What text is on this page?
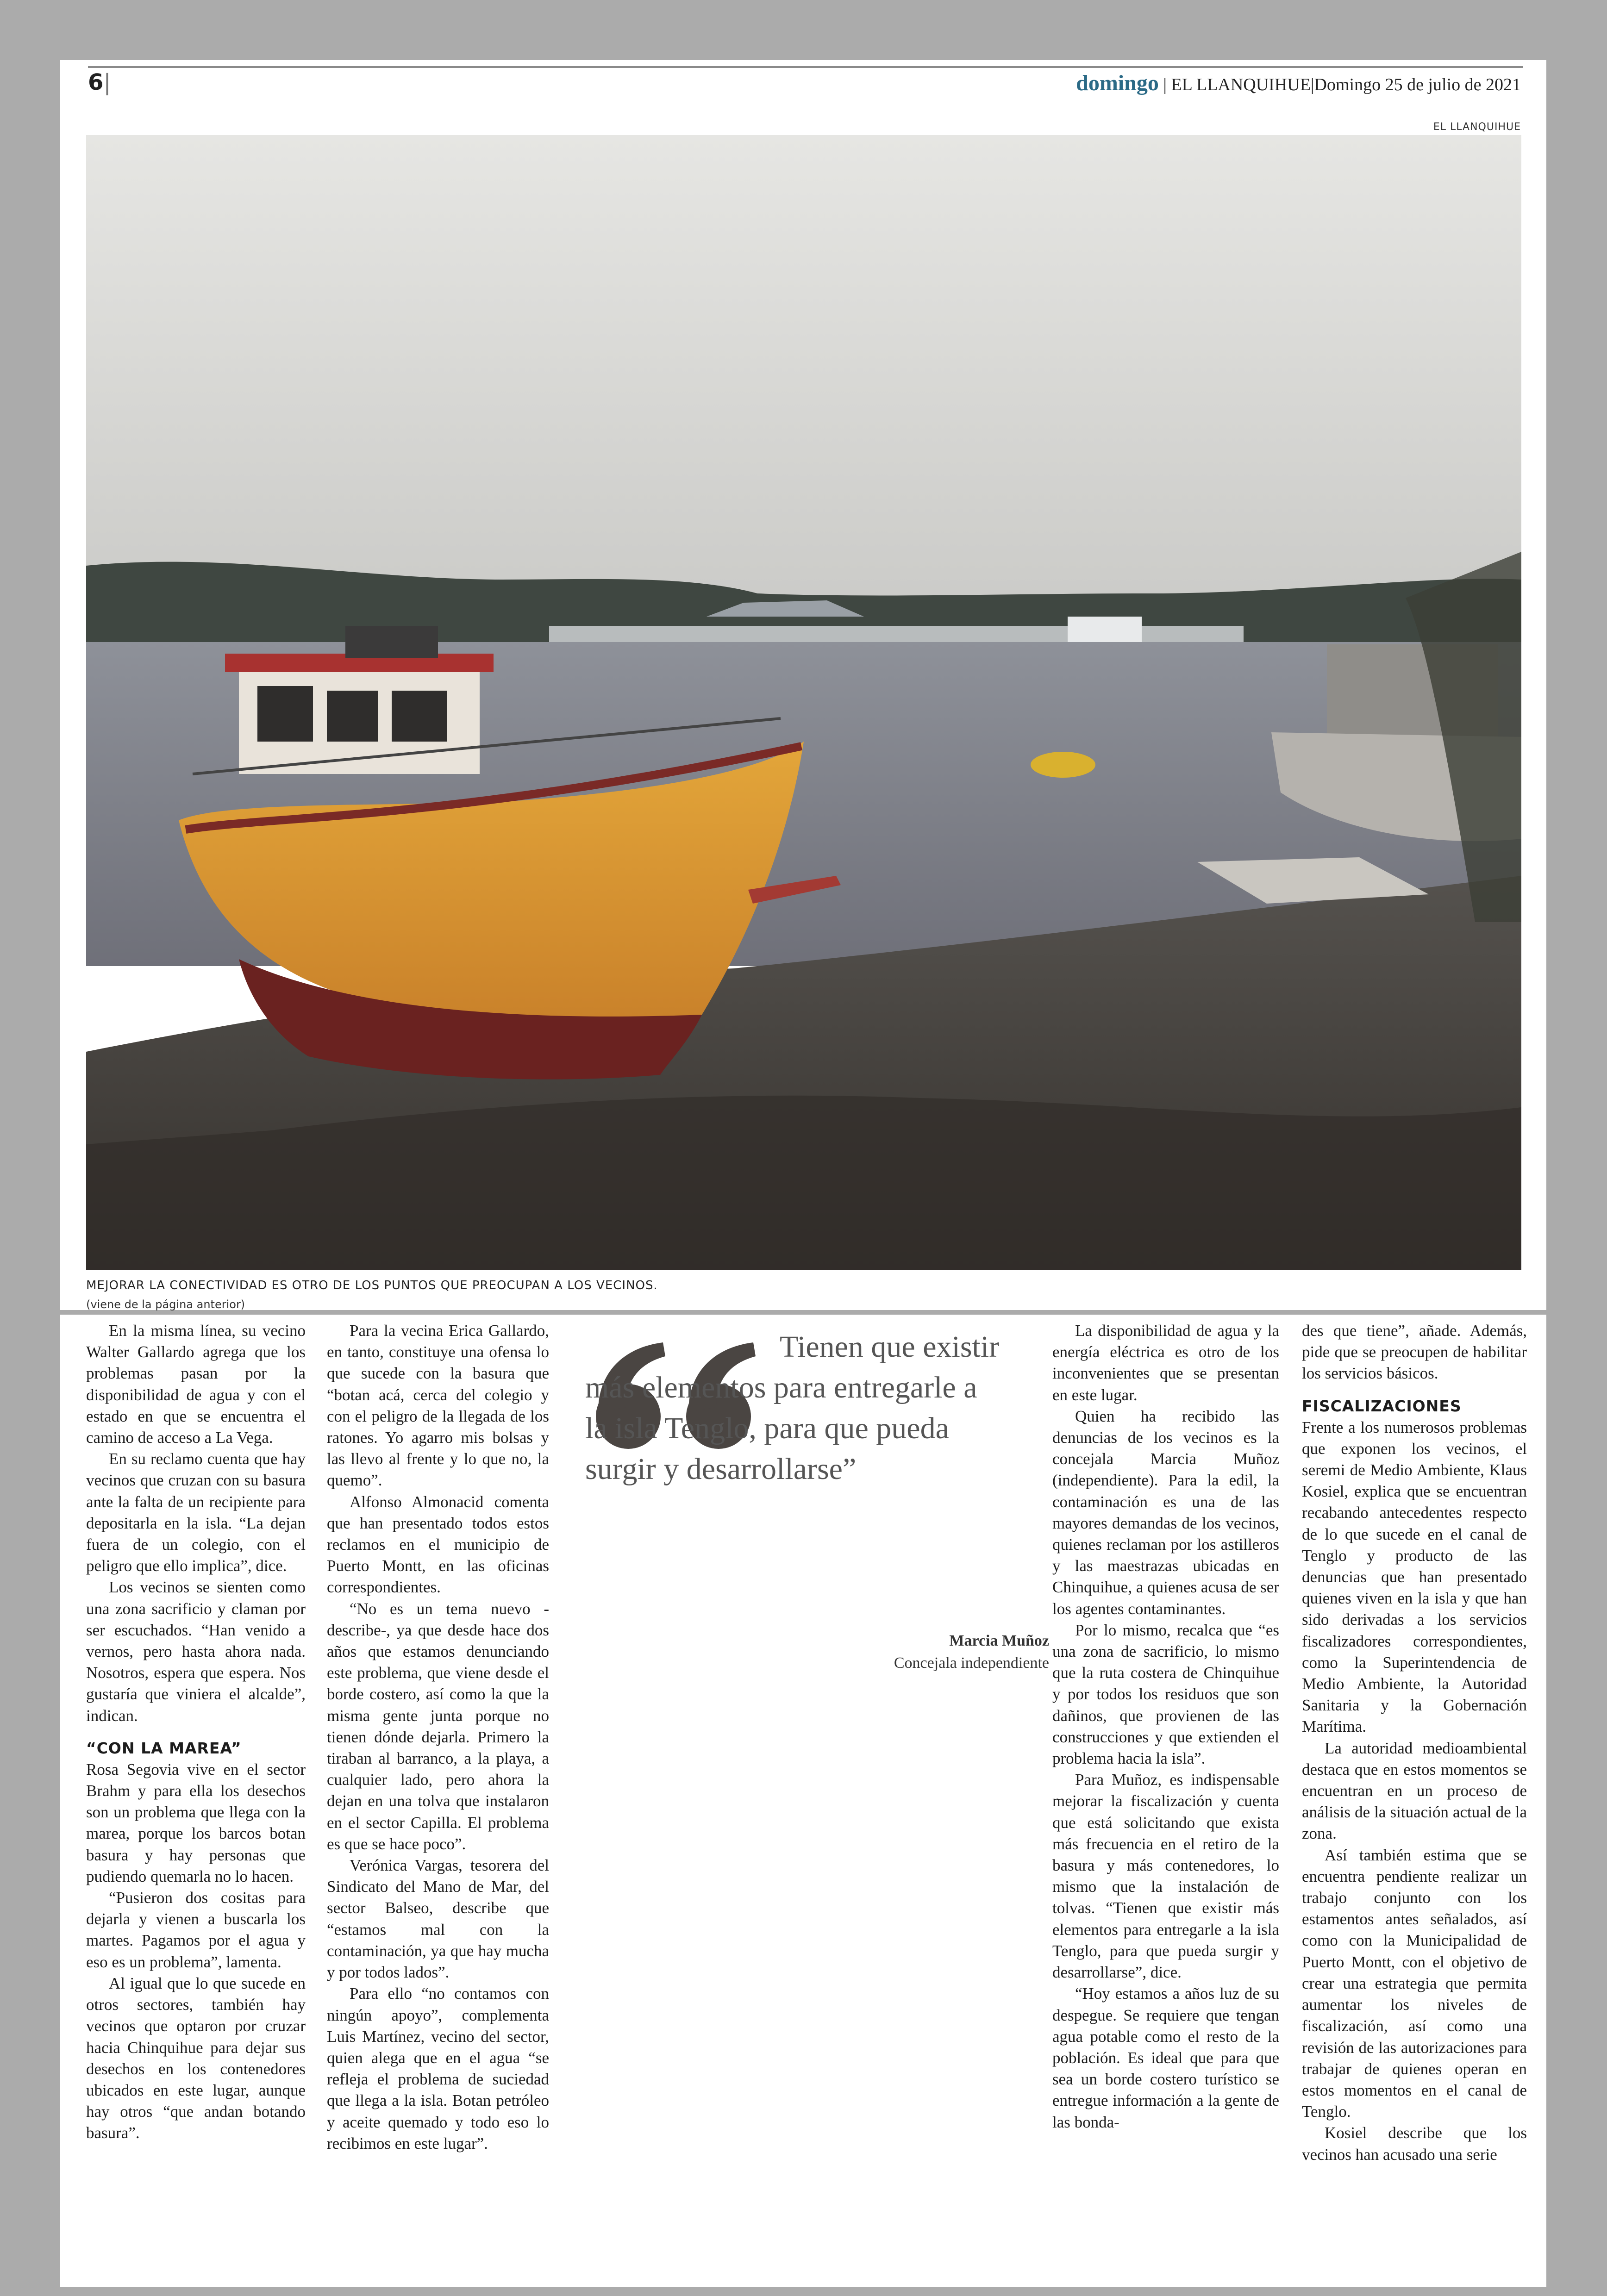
6|	domingo | EL LLANQUIHUE|Domingo 25 de julio de 2021
EL LLANQUIHUE
MEJORAR LA CONECTIVIDAD ES OTRO DE LOS PUNTOS QUE PREOCUPAN A LOS VECINOS.
(viene de la página anterior)

En la misma línea, su vecino Walter Gallardo agrega que los problemas pasan por la disponibilidad de agua y con el estado en que se encuentra el camino de acceso a La Vega.

En su reclamo cuenta que hay vecinos que cruzan con su basura ante la falta de un recipiente para depositarla en la isla. “La dejan fuera de un colegio, con el peligro que ello implica”, dice.

Los vecinos se sienten como una zona sacrificio y claman por ser escuchados. “Han venido a vernos, pero hasta ahora nada. Nosotros, espera que espera. Nos gustaría que viniera el alcalde”, indican.

“CON LA MAREA”

Rosa Segovia vive en el sector Brahm y para ella los desechos son un problema que llega con la marea, porque los barcos botan basura y hay personas que pudiendo quemarla no lo hacen.

“Pusieron dos cositas para dejarla y vienen a buscarla los martes. Pagamos por el agua y eso es un problema”, lamenta.

Al igual que lo que sucede en otros sectores, también hay vecinos que optaron por cruzar hacia Chinquihue para dejar sus desechos en los contenedores ubicados en este lugar, aunque hay otros “que andan botando basura”.

Para la vecina Erica Gallardo, en tanto, constituye una ofensa lo que sucede con la basura que “botan acá, cerca del colegio y con el peligro de la llegada de los ratones. Yo agarro mis bolsas y las llevo al frente y lo que no, la quemo”.

Alfonso Almonacid comenta que han presentado todos estos reclamos en el municipio de Puerto Montt, en las oficinas correspondientes.

“No es un tema nuevo -describe-, ya que desde hace dos años que estamos denunciando este problema, que viene desde el borde costero, así como la que la misma gente junta porque no tienen dónde dejarla. Primero la tiraban al barranco, a la playa, a cualquier lado, pero ahora la dejan en una tolva que instalaron en el sector Capilla. El problema es que se hace poco”.

Verónica Vargas, tesorera del Sindicato del Mano de Mar, del sector Balseo, describe que “estamos mal con la contaminación, ya que hay mucha y por todos lados”.

Para ello “no contamos con ningún apoyo”, complementa Luis Martínez, vecino del sector, quien alega que en el agua “se refleja el problema de suciedad que llega a la isla. Botan petróleo y aceite quemado y todo eso lo recibimos en este lugar”.

Tienen que existir más elementos para entregarle a la isla Tenglo, para que pueda surgir y desarrollarse”
Marcia Muñoz
Concejala independiente

La disponibilidad de agua y la energía eléctrica es otro de los inconvenientes que se presentan en este lugar.

Quien ha recibido las denuncias de los vecinos es la concejala Marcia Muñoz (independiente). Para la edil, la contaminación es una de las mayores demandas de los vecinos, quienes reclaman por los astilleros y las maestrazas ubicadas en Chinquihue, a quienes acusa de ser los agentes contaminantes.

Por lo mismo, recalca que “es una zona de sacrificio, lo mismo que la ruta costera de Chinquihue y por todos los residuos que son dañinos, que provienen de las construcciones y que extienden el problema hacia la isla”.

Para Muñoz, es indispensable mejorar la fiscalización y cuenta que está solicitando que exista más frecuencia en el retiro de la basura y más contenedores, lo mismo que la instalación de tolvas. “Tienen que existir más elementos para entregarle a la isla Tenglo, para que pueda surgir y desarrollarse”, dice.

“Hoy estamos a años luz de su despegue. Se requiere que tengan agua potable como el resto de la población. Es ideal que para que sea un borde costero turístico se entregue información a la gente de las bonda-

des que tiene”, añade. Además, pide que se preocupen de habilitar los servicios básicos.

FISCALIZACIONES

Frente a los numerosos problemas que exponen los vecinos, el seremi de Medio Ambiente, Klaus Kosiel, explica que se encuentran recabando antecedentes respecto de lo que sucede en el canal de Tenglo y producto de las denuncias que han presentado quienes viven en la isla y que han sido derivadas a los servicios fiscalizadores correspondientes, como la Superintendencia de Medio Ambiente, la Autoridad Sanitaria y la Gobernación Marítima.

La autoridad medioambiental destaca que en estos momentos se encuentran en un proceso de análisis de la situación actual de la zona.

Así también estima que se encuentra pendiente realizar un trabajo conjunto con los estamentos antes señalados, así como con la Municipalidad de Puerto Montt, con el objetivo de crear una estrategia que permita aumentar los niveles de fiscalización, así como una revisión de las autorizaciones para trabajar de quienes operan en estos momentos en el canal de Tenglo.

Kosiel describe que los vecinos han acusado una serie
